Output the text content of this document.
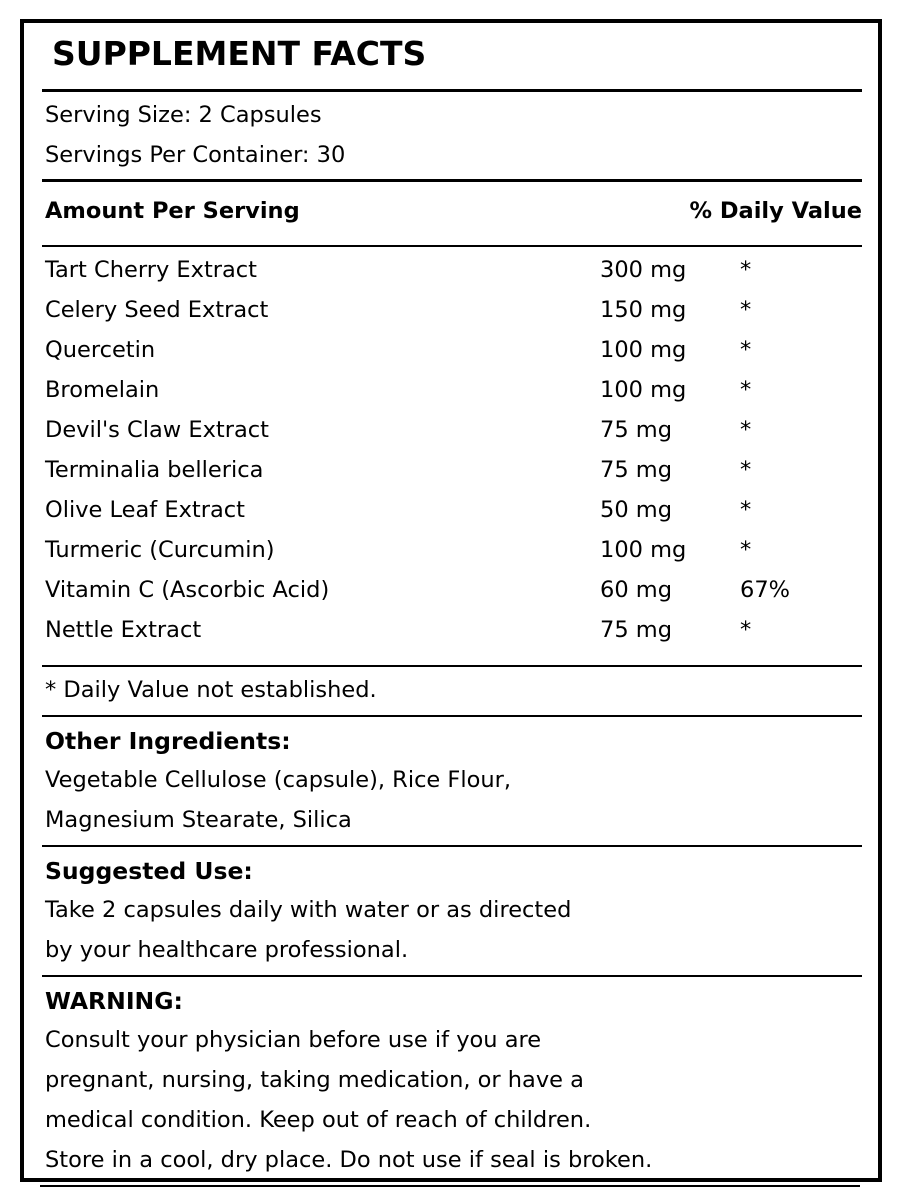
SUPPLEMENT FACTS
Serving Size: 2 Capsules
Servings Per Container: 30
Amount Per Serving	% Daily Value
Tart Cherry Extract	300 mg *
Celery Seed Extract	150 mg *
Quercetin	100 mg *
Bromelain	100 mg *
Devil's Claw Extract	75 mg	*
Terminalia bellerica	75 mg	*
Olive Leaf Extract	50 mg	*
Turmeric (Curcumin)	100 mg *
Vitamin C (Ascorbic Acid)	60 mg	67%
Nettle Extract	75 mg	*
* Daily Value not established.
Other Ingredients:
Vegetable Cellulose (capsule), Rice Flour,
Magnesium Stearate, Silica
Suggested Use:
Take 2 capsules daily with water or as directed
by your healthcare professional.
WARNING:
Consult your physician before use if you are
pregnant, nursing, taking medication, or have a
medical condition. Keep out of reach of children.
Store in a cool, dry place. Do not use if seal is broken.
